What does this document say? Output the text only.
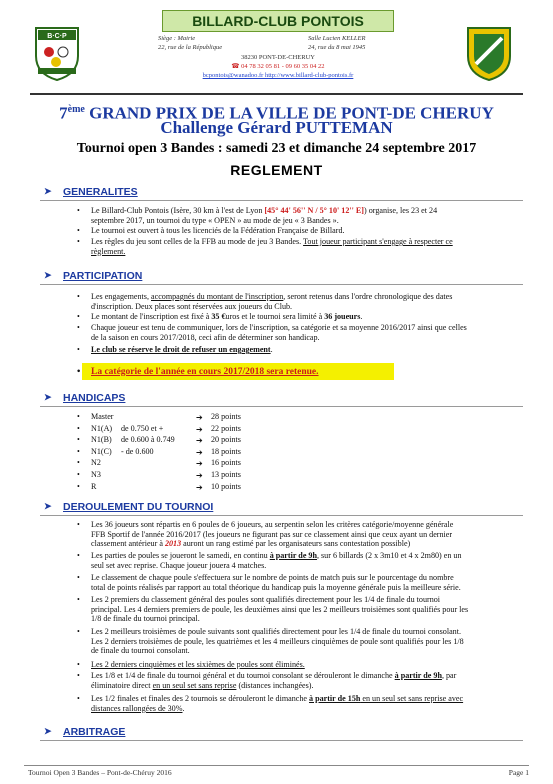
B·C·P
BILLARD-CLUB PONTOIS
Siège : Mairie	Salle Lucien KELLER
22, rue de la République	24, rue du 8 mai 1945
38230 PONT-DE-CHERUY
☎ 04 78 32 05 81 - 09 60 35 04 22
bcpontois@wanadoo.fr http://www.billard-club-pontois.fr
7ème GRAND PRIX DE LA VILLE DE PONT-DE CHERUY
Challenge Gérard PUTTEMAN
Tournoi open 3 Bandes : samedi 23 et dimanche 24 septembre 2017
REGLEMENT
➤ GENERALITES
• Le Billard-Club Pontois (Isère, 30 km à l'est de Lyon [45° 44' 56'' N / 5° 10' 12'' E]) organise, les 23 et 24
septembre 2017, un tournoi du type « OPEN » au mode de jeu « 3 Bandes ».
• Le tournoi est ouvert à tous les licenciés de la Fédération Française de Billard.
• Les règles du jeu sont celles de la FFB au mode de jeu 3 Bandes. Tout joueur participant s'engage à respecter ce
règlement.
➤ PARTICIPATION
• Les engagements, accompagnés du montant de l'inscription, seront retenus dans l'ordre chronologique des dates
d'inscription. Deux places sont réservées aux joueurs du Club.
• Le montant de l'inscription est fixé à 35 €uros et le tournoi sera limité à 36 joueurs.
• Chaque joueur est tenu de communiquer, lors de l'inscription, sa catégorie et sa moyenne 2016/2017 ainsi que celles
de la saison en cours 2017/2018, ceci afin de déterminer son handicap.
• Le club se réserve le droit de refuser un engagement.
• La catégorie de l'année en cours 2017/2018 sera retenue.
➤ HANDICAPS
• Master	➔ 28 points
• N1(A) de 0.750 et +	➔ 22 points
• N1(B) de 0.600 à 0.749	➔ 20 points
• N1(C) - de 0.600	➔ 18 points
• N2	➔ 16 points
• N3	➔ 13 points
• R	➔ 10 points
➤ DEROULEMENT DU TOURNOI
• Les 36 joueurs sont répartis en 6 poules de 6 joueurs, au serpentin selon les critères catégorie/moyenne générale
FFB Sportif de l'année 2016/2017 (les joueurs ne figurant pas sur ce classement ainsi que ceux ayant un dernier
classement antérieur à 2013 auront un rang estimé par les organisateurs sans contestation possible)
• Les parties de poules se joueront le samedi, en continu à partir de 9h, sur 6 billards (2 x 3m10 et 4 x 2m80) en un
seul set avec reprise. Chaque joueur jouera 4 matches.
• Le classement de chaque poule s'effectuera sur le nombre de points de match puis sur le pourcentage du nombre
total de points réalisés par rapport au total théorique du handicap puis la moyenne générale puis la meilleure série.
• Les 2 premiers du classement général des poules sont qualifiés directement pour les 1/4 de finale du tournoi
principal. Les 4 derniers premiers de poule, les deuxièmes ainsi que les 2 meilleurs troisièmes sont qualifiés pour les
1/8 de finale du tournoi principal.
• Les 2 meilleurs troisièmes de poule suivants sont qualifiés directement pour les 1/4 de finale du tournoi consolant.
Les 2 derniers troisièmes de poule, les quatrièmes et les 4 meilleurs cinquièmes de poule sont qualifiés pour les 1/8
de finale du tournoi consolant.
• Les 2 derniers cinquièmes et les sixièmes de poules sont éliminés.
• Les 1/8 et 1/4 de finale du tournoi général et du tournoi consolant se dérouleront le dimanche à partir de 9h, par
éliminatoire direct en un seul set sans reprise (distances inchangées).
• Les 1/2 finales et finales des 2 tournois se dérouleront le dimanche à partir de 15h en un seul set sans reprise avec
distances rallongées de 30%.
➤ ARBITRAGE
Tournoi Open 3 Bandes – Pont-de-Chéruy 2016	Page 1
